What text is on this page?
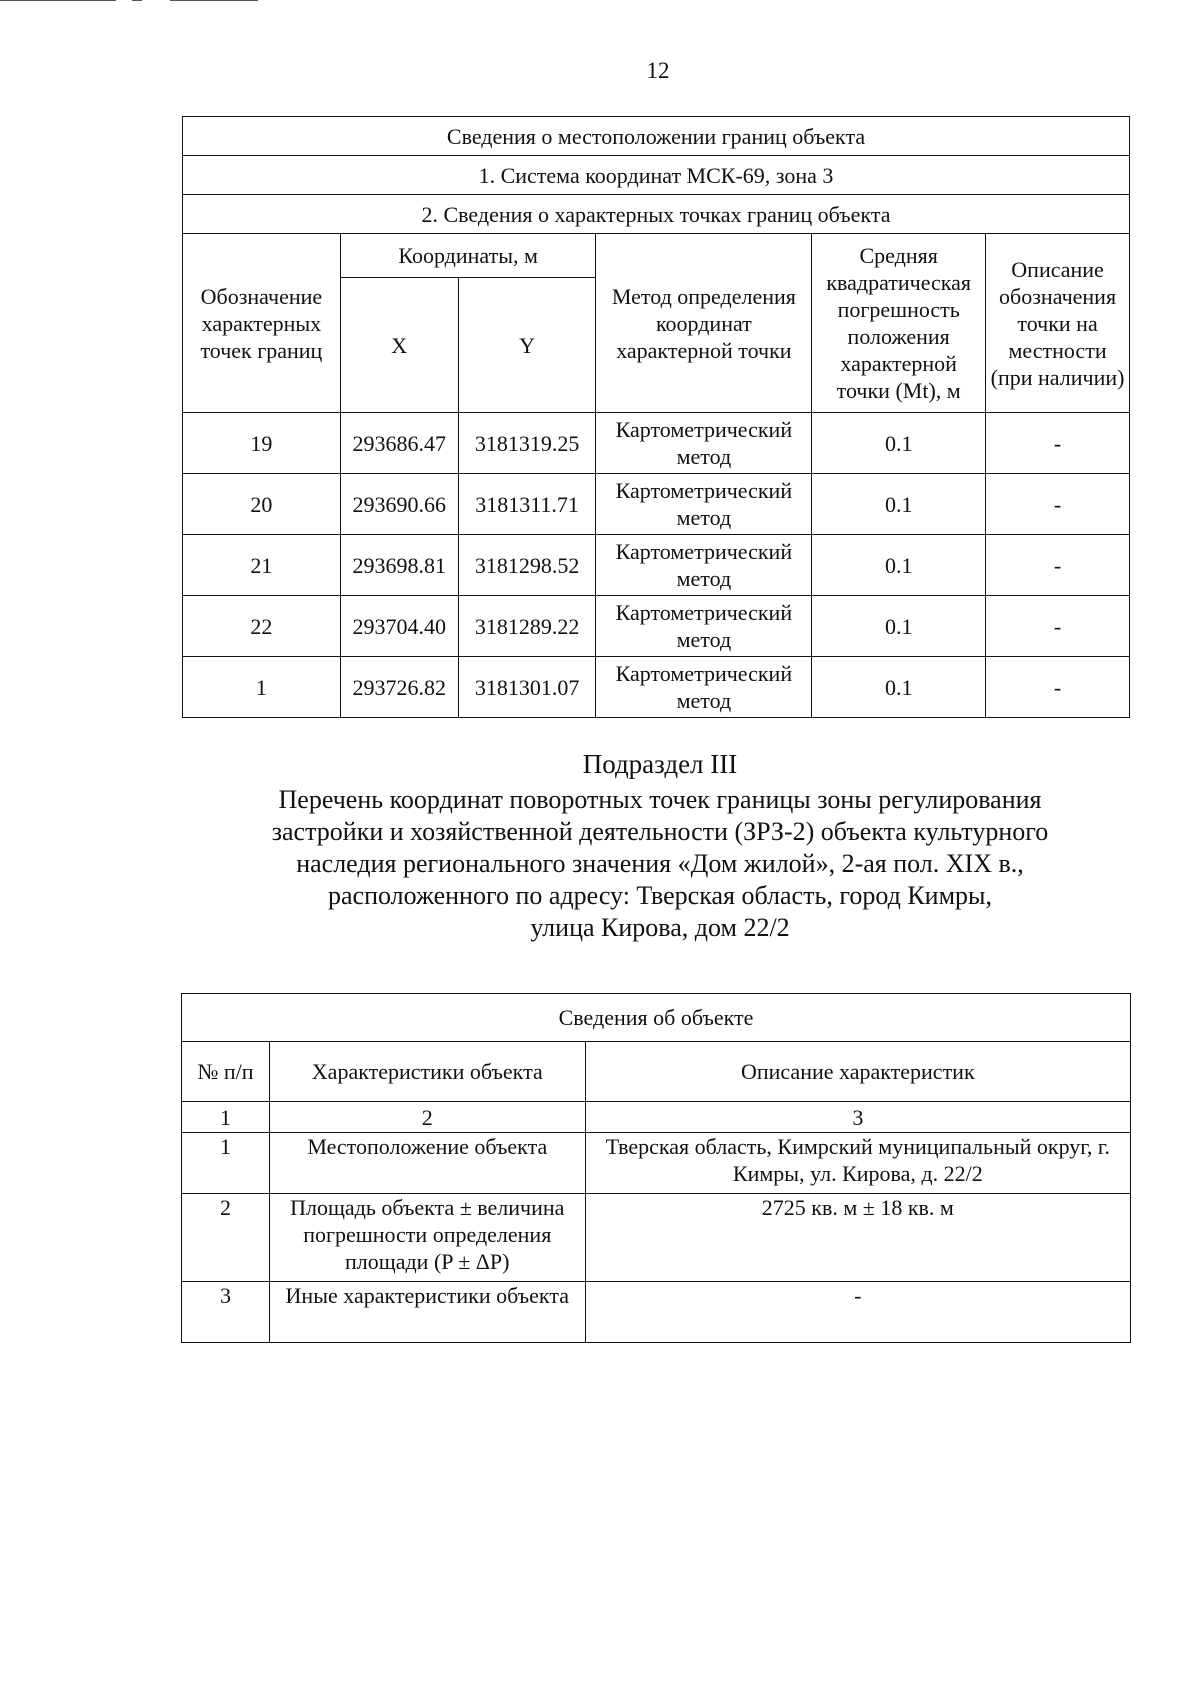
12
Сведения о местоположении границ объекта					
1. Система координат МСК-69, зона 3					
2. Сведения о характерных точках границ объекта					
Обозначение характерных точек границ	Координаты, м		Метод определения координат характерной точки	Средняя квадратическая погрешность положения характерной точки (Mt), м	Описание обозначения точки на местности (при наличии)
	X	Y			
19	293686.47	3181319.25	Картометрический метод	0.1	-
20	293690.66	3181311.71	Картометрический метод	0.1	-
21	293698.81	3181298.52	Картометрический метод	0.1	-
22	293704.40	3181289.22	Картометрический метод	0.1	-
1	293726.82	3181301.07	Картометрический метод	0.1	-
Подраздел III
Перечень координат поворотных точек границы зоны регулирования
застройки и хозяйственной деятельности (ЗРЗ-2) объекта культурного
наследия регионального значения «Дом жилой», 2-ая пол. XIX в.,
расположенного по адресу: Тверская область, город Кимры,
улица Кирова, дом 22/2
Сведения об объекте		
№ п/п	Характеристики объекта	Описание характеристик
1	2	3
1	Местоположение объекта	Тверская область, Кимрский муниципальный округ, г. Кимры, ул. Кирова, д. 22/2
2	Площадь объекта ± величина погрешности определения площади (P ± ΔP)	2725 кв. м ± 18 кв. м
3	Иные характеристики объекта	-
